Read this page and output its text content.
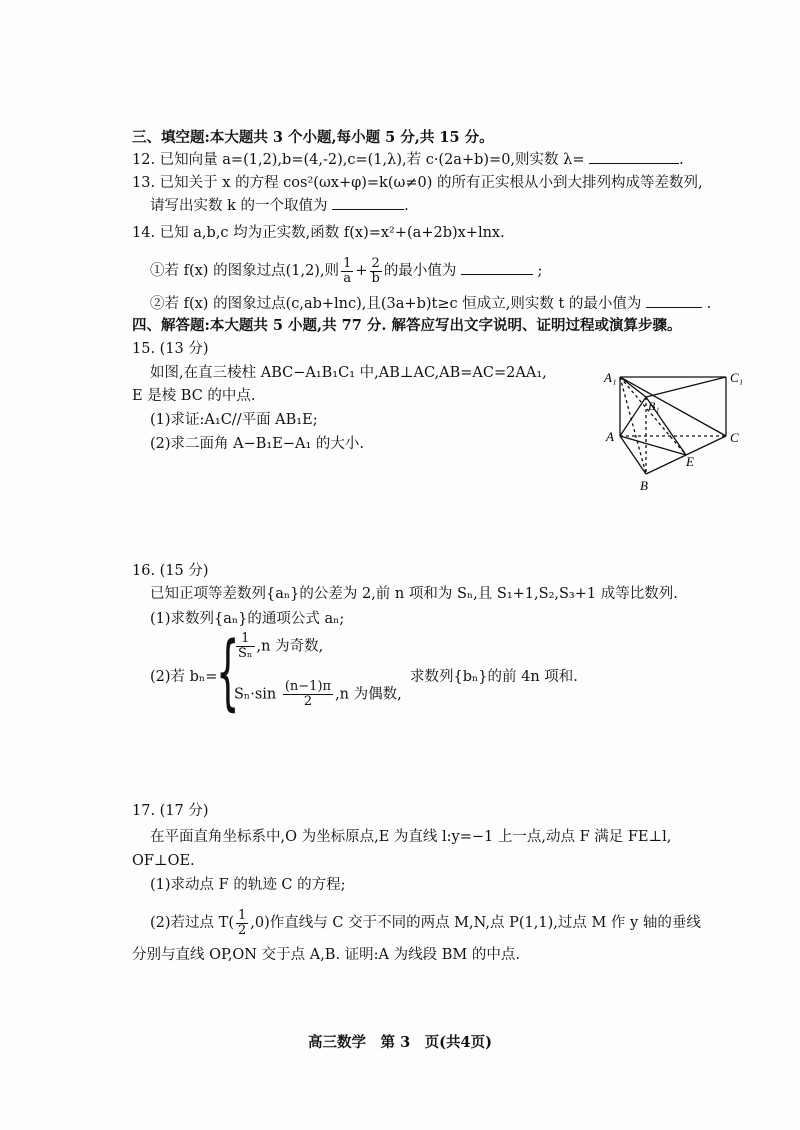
三、填空题:本大题共 3 个小题,每小题 5 分,共 15 分。
12. 已知向量 a=(1,2),b=(4,-2),c=(1,λ),若 c·(2a+b)=0,则实数 λ=	.
13. 已知关于 x 的方程 cos²(ωx+φ)=k(ω≠0) 的所有正实根从小到大排列构成等差数列,
请写出实数 k 的一个取值为	.
14. 已知 a,b,c 均为正实数,函数 f(x)=x²+(a+2b)x+lnx.
①若 f(x) 的图象过点(1,2),则 $\frac{1}{a} + \frac{2}{b}$ 的最小值为	;
②若 f(x) 的图象过点(c,ab+lnc),且(3a+b)t≥c 恒成立,则实数 t 的最小值为	.
四、解答题:本大题共 5 小题,共 77 分. 解答应写出文字说明、证明过程或演算步骤。
15. (13 分)
如图,在直三棱柱 ABC−A₁B₁C₁ 中,AB⊥AC,AB=AC=2AA₁,
E 是棱 BC 的中点.
(1)求证:A₁C//平面 AB₁E;
(2)求二面角 A−B₁E−A₁ 的大小.
A₁	C₁
B₁
A	C
E
B
16. (15 分)
已知正项等差数列{aₙ}的公差为 2,前 n 项和为 Sₙ,且 S₁+1,S₂,S₃+1 成等比数列.
(1)求数列{aₙ}的通项公式 aₙ;
(2)若 bₙ=
{
$\frac{1}{\text{Sₙ}} ,n$ 为奇数,
$S_n\cdot\sin \frac{(n-1)\pi}{2} ,n$ 为偶数,
求数列{bₙ}的前 4n 项和.
17. (17 分)
在平面直角坐标系中,O 为坐标原点,E 为直线 l:y=−1 上一点,动点 F 满足 FE⊥l,
OF⊥OE.
(1)求动点 F 的轨迹 C 的方程;
(2)若过点 $T( \frac{1}{2} ,0)$作直线与 C 交于不同的两点 M,N,点 P(1,1),过点 M 作 y 轴的垂线
分别与直线 OP,ON 交于点 A,B. 证明:A 为线段 BM 的中点.
高三数学　第 3　页(共4页)
